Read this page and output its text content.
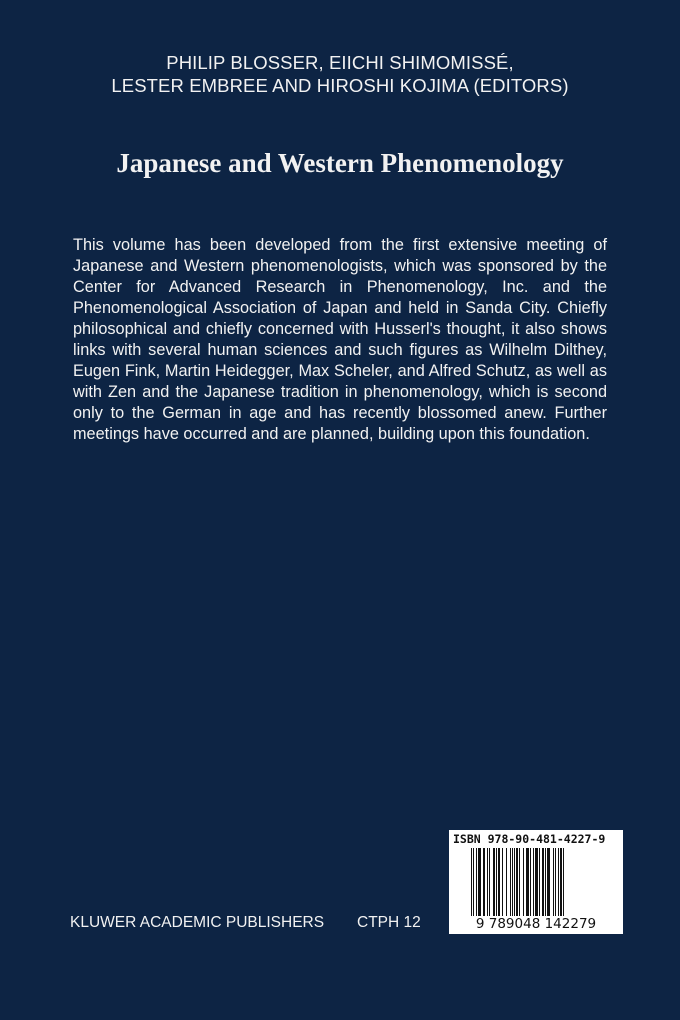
PHILIP BLOSSER, EIICHI SHIMOMISSÉ,
LESTER EMBREE AND HIROSHI KOJIMA (EDITORS)
Japanese and Western Phenomenology
This volume has been developed from the first extensive meeting of Japanese and Western phenomenologists, which was sponsored by the Center for Advanced Research in Phenomenology, Inc. and the Phenomenological Association of Japan and held in Sanda City. Chiefly philosophical and chiefly concerned with Husserl's thought, it also shows links with several human sciences and such figures as Wilhelm Dilthey, Eugen Fink, Martin Heidegger, Max Scheler, and Alfred Schutz, as well as with Zen and the Japanese tradition in phenomenology, which is second only to the German in age and has recently blossomed anew. Further meetings have occurred and are planned, building upon this foundation.
KLUWER ACADEMIC PUBLISHERS CTPH 12
ISBN 978-90-481-4227-9
9 789048 142279
